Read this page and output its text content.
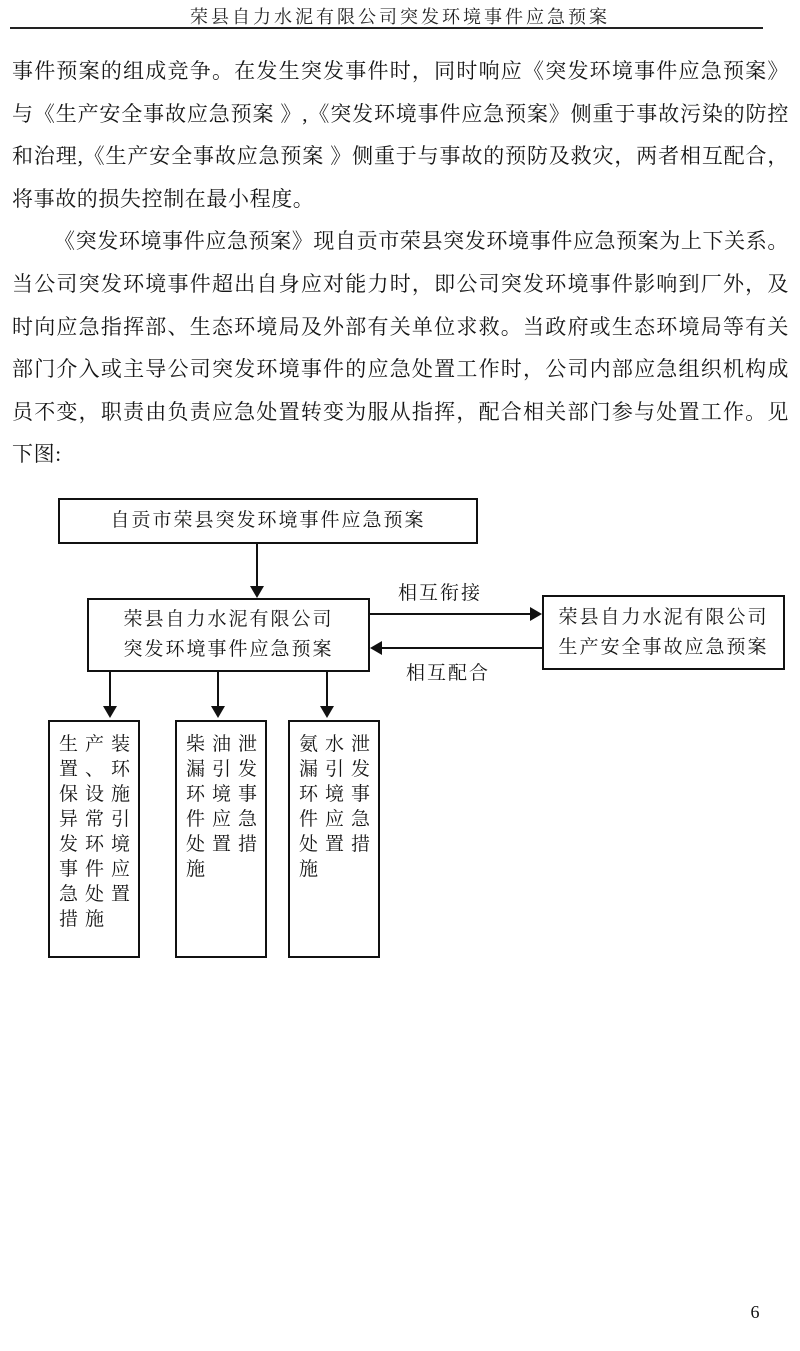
荣县自力水泥有限公司突发环境事件应急预案

事件预案的组成竞争。在发生突发事件时，同时响应《突发环境事件应急预案》与《生产安全事故应急预案 》,《突发环境事件应急预案》侧重于事故污染的防控和治理,《生产安全事故应急预案 》侧重于与事故的预防及救灾，两者相互配合，将事故的损失控制在最小程度。

《突发环境事件应急预案》现自贡市荣县突发环境事件应急预案为上下关系。当公司突发环境事件超出自身应对能力时，即公司突发环境事件影响到厂外，及时向应急指挥部、生态环境局及外部有关单位求救。当政府或生态环境局等有关部门介入或主导公司突发环境事件的应急处置工作时，公司内部应急组织机构成员不变，职责由负责应急处置转变为服从指挥，配合相关部门参与处置工作。见下图:

自贡市荣县突发环境事件应急预案
荣县自力水泥有限公司
突发环境事件应急预案
荣县自力水泥有限公司
生产安全事故应急预案
相互衔接
相互配合
生产装置、环保设施异常引发环境事件应急处置措施
柴油泄漏引发环境事件应急处置措施
氨水泄漏引发环境事件应急处置措施
6
